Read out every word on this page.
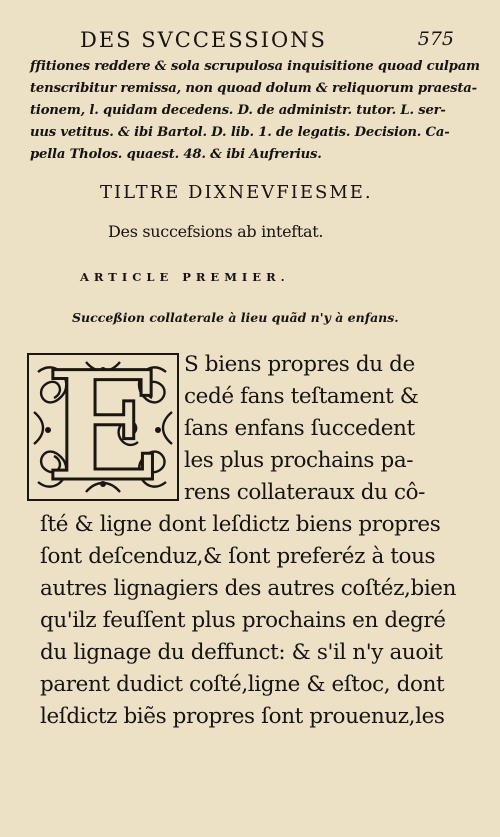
DES SVCCESSIONS	575
ffitiones reddere & sola scrupulosa inquisitione quoad culpam
tenscribitur remissa, non quoad dolum & reliquorum praesta-
tionem, l. quidam decedens. D. de administr. tutor. L. ser-
uus vetitus. & ibi Bartol. D. lib. 1. de legatis. Decision. Ca-
pella Tholos. quaest. 48. & ibi Aufrerius.
TILTRE DIXNEVFIESME.
Des succefsions ab inteftat.
ARTICLE PREMIER.
Succeßion collaterale à lieu quãd n'y à enfans.
E	S biens propres du de
cedé fans teſtament &
ſans enfans ſuccedent
les plus prochains pa-
rens collateraux du cô-
ſté & ligne dont leſdictz biens propres
ſont deſcenduz,& ſont preferéz à tous
autres lignagiers des autres coſtéz,bien
qu'ilz feuſſent plus prochains en degré
du lignage du deffunct: & s'il n'y auoit
parent dudict coſté,ligne & eſtoc, dont
leſdictz biẽs propres ſont prouenuz,les
